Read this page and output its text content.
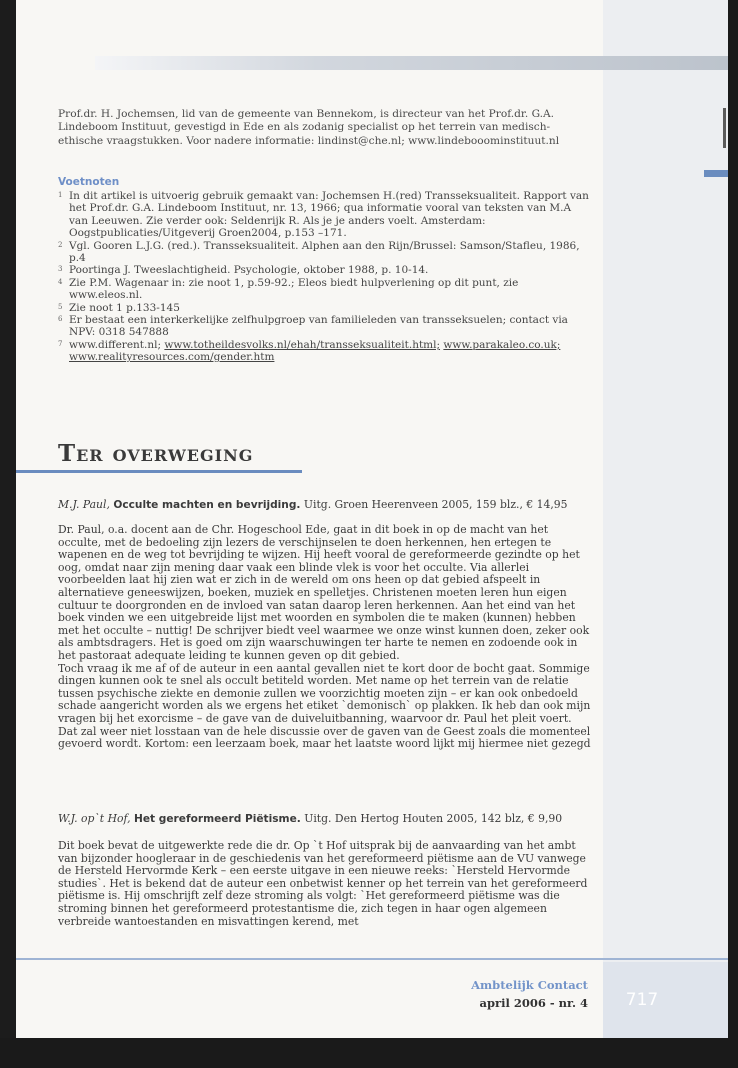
Prof.dr. H. Jochemsen, lid van de gemeente van Bennekom, is directeur van het Prof.dr. G.A. Lindeboom Instituut, gevestigd in Ede en als zodanig specialist op het terrein van medisch-ethische vraagstukken. Voor nadere informatie: lindinst@che.nl; www.lindebooominstituut.nl
Voetnoten
1 In dit artikel is uitvoerig gebruik gemaakt van: Jochemsen H.(red) Transseksualiteit. Rapport van het Prof.dr. G.A. Lindeboom Instituut, nr. 13, 1966; qua informatie vooral van teksten van M.A van Leeuwen. Zie verder ook: Seldenrijk R. Als je je anders voelt. Amsterdam: Oogstpublicaties/Uitgeverij Groen2004, p.153 –171.
2 Vgl. Gooren L.J.G. (red.). Transseksualiteit. Alphen aan den Rijn/Brussel: Samson/Stafleu, 1986, p.4
3 Poortinga J. Tweeslachtigheid. Psychologie, oktober 1988, p. 10-14.
4 Zie P.M. Wagenaar in: zie noot 1, p.59-92.; Eleos biedt hulpverlening op dit punt, zie www.eleos.nl.
5 Zie noot 1 p.133-145
6 Er bestaat een interkerkelijke zelfhulpgroep van familieleden van transseksuelen; contact via NPV: 0318 547888
7 www.different.nl; www.totheildesvolks.nl/ehah/transseksualiteit.html; www.parakaleo.co.uk; www.realityresources.com/gender.htm
Ter overweging
M.J. Paul, Occulte machten en bevrijding. Uitg. Groen Heerenveen 2005, 159 blz., € 14,95

Dr. Paul, o.a. docent aan de Chr. Hogeschool Ede, gaat in dit boek in op de macht van het occulte, met de bedoeling zijn lezers de verschijnselen te doen herkennen, hen ertegen te wapenen en de weg tot bevrijding te wijzen. Hij heeft vooral de gereformeerde gezindte op het oog, omdat naar zijn mening daar vaak een blinde vlek is voor het occulte. Via allerlei voorbeelden laat hij zien wat er zich in de wereld om ons heen op dat gebied afspeelt in alternatieve geneeswijzen, boeken, muziek en spelletjes. Christenen moeten leren hun eigen cultuur te doorgronden en de invloed van satan daarop leren herkennen. Aan het eind van het boek vinden we een uitgebreide lijst met woorden en symbolen die te maken (kunnen) hebben met het occulte – nuttig! De schrijver biedt veel waarmee we onze winst kunnen doen, zeker ook als ambtsdragers. Het is goed om zijn waarschuwingen ter harte te nemen en zodoende ook in het pastoraat adequate leiding te kunnen geven op dit gebied.

Toch vraag ik me af of de auteur in een aantal gevallen niet te kort door de bocht gaat. Sommige dingen kunnen ook te snel als occult betiteld worden. Met name op het terrein van de relatie tussen psychische ziekte en demonie zullen we voorzichtig moeten zijn – er kan ook onbedoeld schade aangericht worden als we ergens het etiket `demonisch` op plakken. Ik heb dan ook mijn vragen bij het exorcisme – de gave van de duiveluitbanning, waarvoor dr. Paul het pleit voert. Dat zal weer niet losstaan van de hele discussie over de gaven van de Geest zoals die momenteel gevoerd wordt. Kortom: een leerzaam boek, maar het laatste woord lijkt mij hiermee niet gezegd

W.J. op`t Hof, Het gereformeerd Piëtisme. Uitg. Den Hertog Houten 2005, 142 blz, € 9,90

Dit boek bevat de uitgewerkte rede die dr. Op `t Hof uitsprak bij de aanvaarding van het ambt van bijzonder hoogleraar in de geschiedenis van het gereformeerd piëtisme aan de VU vanwege de Hersteld Hervormde Kerk – een eerste uitgave in een nieuwe reeks: `Hersteld Hervormde studies`. Het is bekend dat de auteur een onbetwist kenner op het terrein van het gereformeerd piëtisme is. Hij omschrijft zelf deze stroming als volgt: `Het gereformeerd piëtisme was die stroming binnen het gereformeerd protestantisme die, zich tegen in haar ogen algemeen verbreide wantoestanden en misvattingen kerend, met

Ambtelijk Contact
april 2006 - nr. 4	717
